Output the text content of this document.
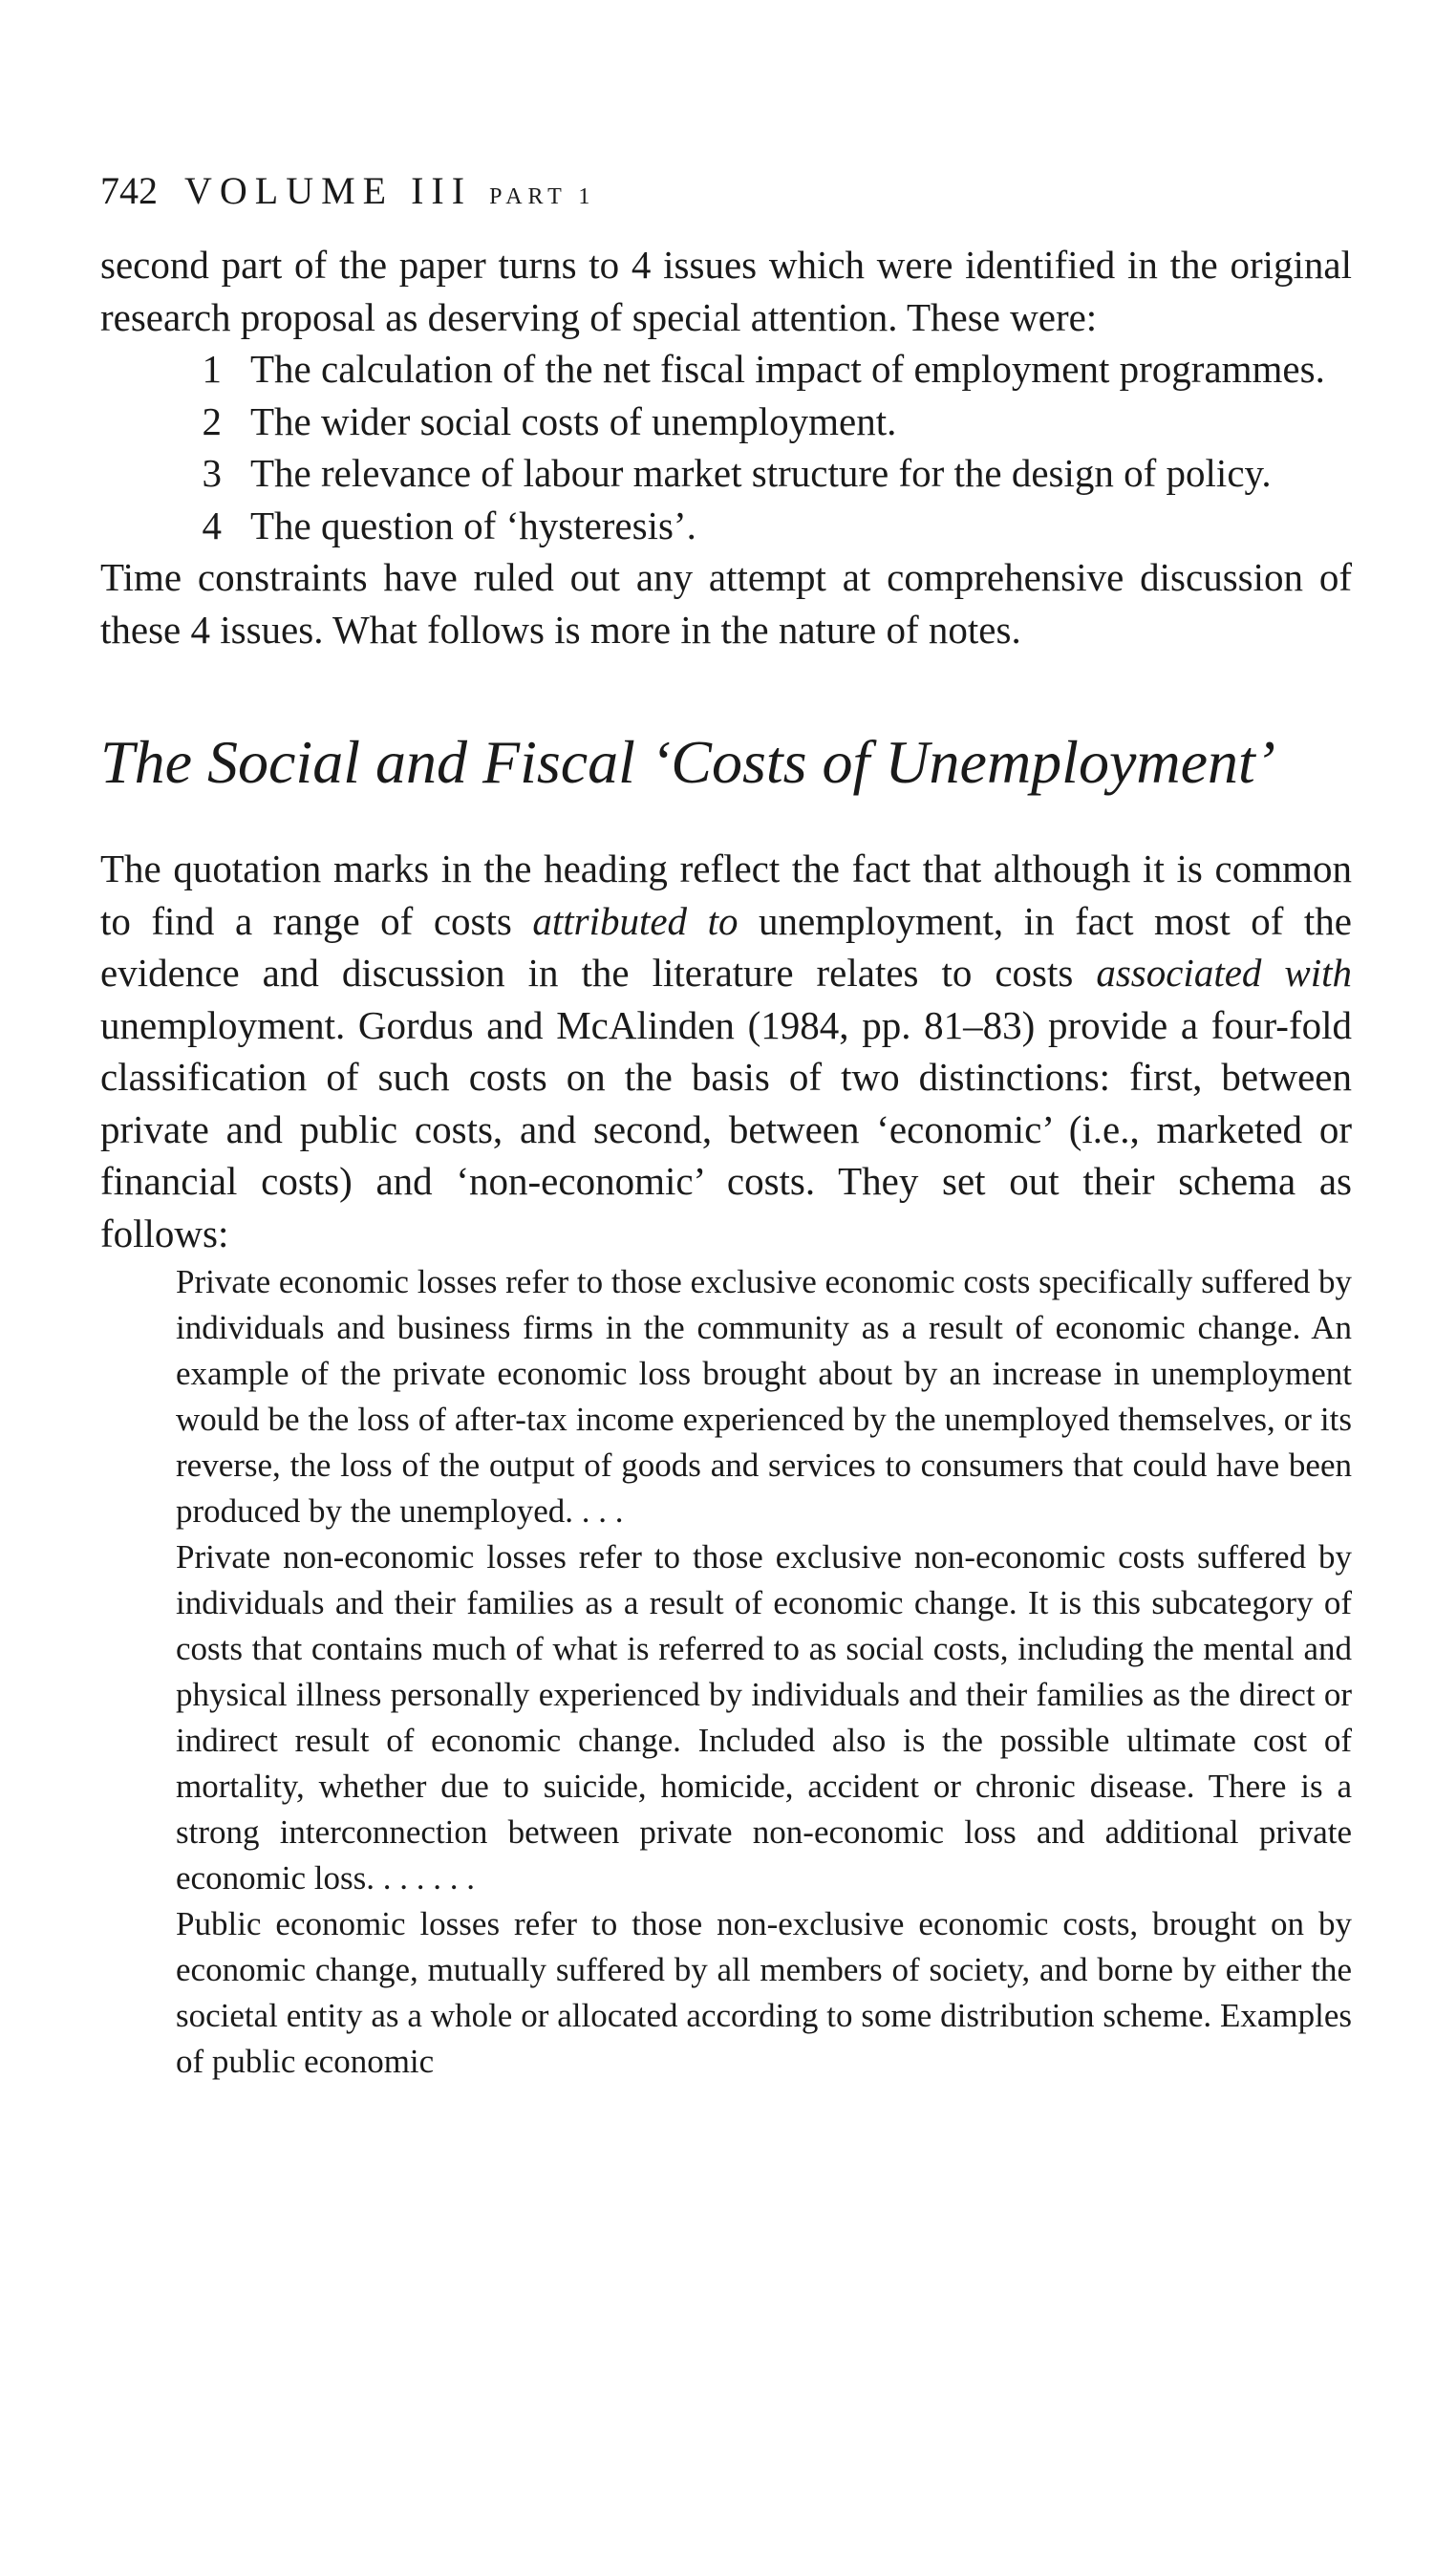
742 VOLUME III PART 1

second part of the paper turns to 4 issues which were identified in the original research proposal as deserving of special attention. These were:

1 The calculation of the net fiscal impact of employment programmes.
2 The wider social costs of unemployment.
3 The relevance of labour market structure for the design of policy.
4 The question of ‘hysteresis’.

Time constraints have ruled out any attempt at comprehensive discussion of these 4 issues. What follows is more in the nature of notes.

The Social and Fiscal ‘Costs of Unemployment’

The quotation marks in the heading reflect the fact that although it is common to find a range of costs attributed to unemployment, in fact most of the evidence and discussion in the literature relates to costs associated with unemployment. Gordus and McAlinden (1984, pp. 81–83) provide a four-fold classification of such costs on the basis of two distinctions: first, between private and public costs, and second, between ‘economic’ (i.e., marketed or financial costs) and ‘non-economic’ costs. They set out their schema as follows:

Private economic losses refer to those exclusive economic costs specifically suffered by individuals and business firms in the community as a result of economic change. An example of the private economic loss brought about by an increase in unemployment would be the loss of after-tax income experienced by the unemployed themselves, or its reverse, the loss of the output of goods and services to consumers that could have been produced by the unemployed. . . .

Private non-economic losses refer to those exclusive non-economic costs suffered by individuals and their families as a result of economic change. It is this subcategory of costs that contains much of what is referred to as social costs, including the mental and physical illness personally experienced by individuals and their families as the direct or indirect result of economic change. Included also is the possible ultimate cost of mortality, whether due to suicide, homicide, accident or chronic disease. There is a strong interconnection between private non-economic loss and additional private economic loss. . . . . . .

Public economic losses refer to those non-exclusive economic costs, brought on by economic change, mutually suffered by all members of society, and borne by either the societal entity as a whole or allocated according to some distribution scheme. Examples of public economic
